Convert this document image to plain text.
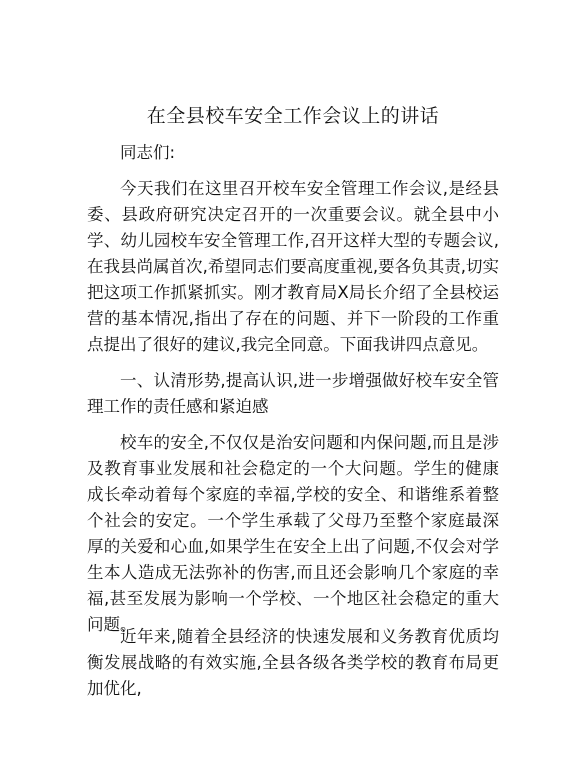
在全县校车安全工作会议上的讲话

同志们:

今天我们在这里召开校车安全管理工作会议,是经县委、县政府研究决定召开的一次重要会议。就全县中小学、幼儿园校车安全管理工作,召开这样大型的专题会议,在我县尚属首次,希望同志们要高度重视,要各负其责,切实把这项工作抓紧抓实。刚才教育局X局长介绍了全县校运营的基本情况,指出了存在的问题、并下一阶段的工作重点提出了很好的建议,我完全同意。下面我讲四点意见。

一、认清形势,提高认识,进一步增强做好校车安全管理工作的责任感和紧迫感

校车的安全,不仅仅是治安问题和内保问题,而且是涉及教育事业发展和社会稳定的一个大问题。学生的健康成长牵动着每个家庭的幸福,学校的安全、和谐维系着整个社会的安定。一个学生承载了父母乃至整个家庭最深厚的关爱和心血,如果学生在安全上出了问题,不仅会对学生本人造成无法弥补的伤害,而且还会影响几个家庭的幸福,甚至发展为影响一个学校、一个地区社会稳定的重大问题。

近年来,随着全县经济的快速发展和义务教育优质均衡发展战略的有效实施,全县各级各类学校的教育布局更加优化,
